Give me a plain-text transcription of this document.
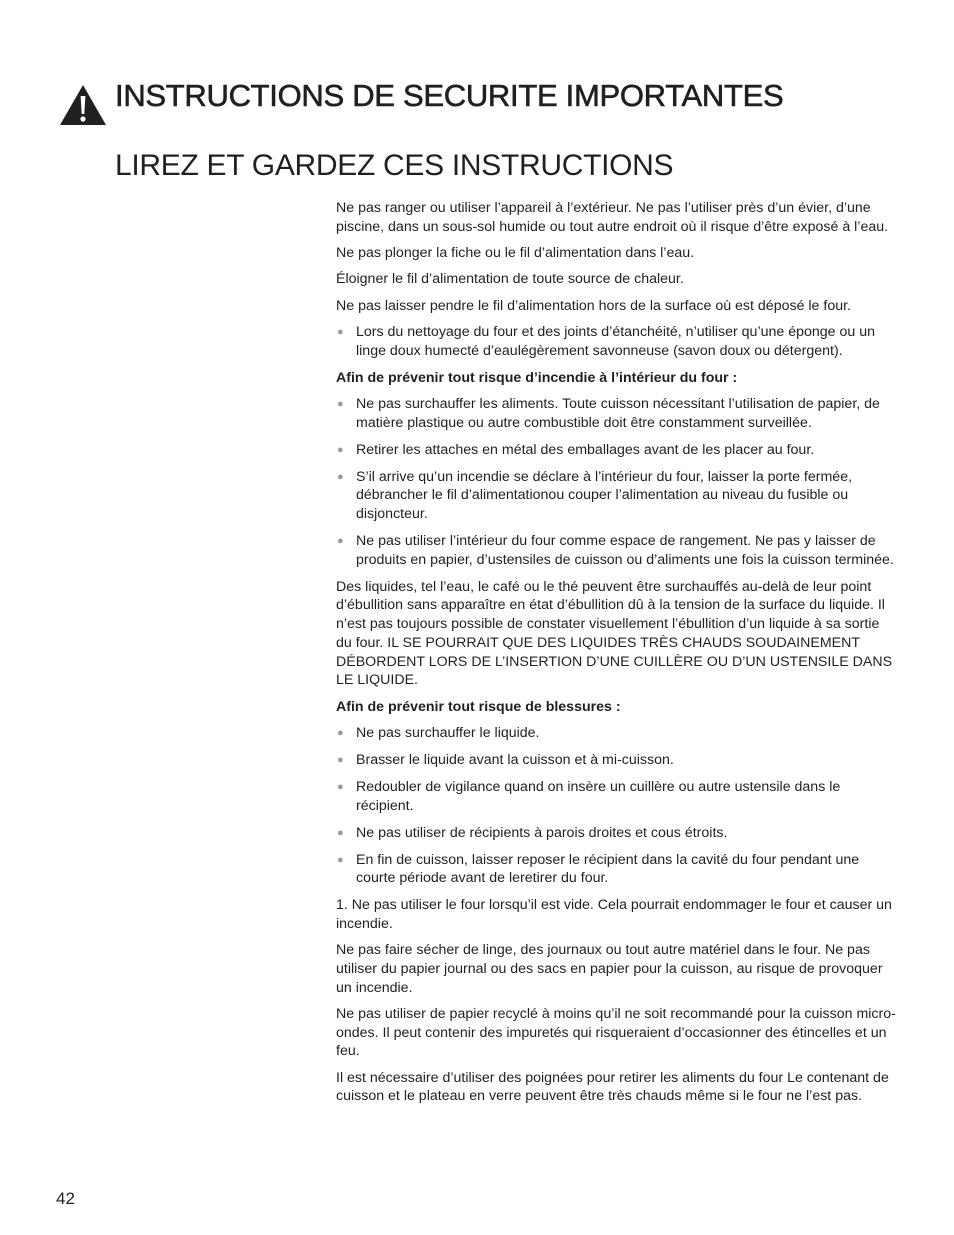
INSTRUCTIONS DE SECURITE IMPORTANTES
LIREZ ET GARDEZ CES INSTRUCTIONS

Ne pas ranger ou utiliser l’appareil à l’extérieur. Ne pas l’utiliser près d’un évier, d’une piscine, dans un sous-sol humide ou tout autre endroit où il risque d’être exposé à l’eau.

Ne pas plonger la fiche ou le fil d’alimentation dans l’eau.

Éloigner le fil d’alimentation de toute source de chaleur.

Ne pas laisser pendre le fil d’alimentation hors de la surface où est déposé le four.

● Lors du nettoyage du four et des joints d’étanchéité, n’utiliser qu’une éponge ou un linge doux humecté d’eaulégèrement savonneuse (savon doux ou détergent).

Afin de prévenir tout risque d’incendie à l’intérieur du four :

● Ne pas surchauffer les aliments. Toute cuisson nécessitant l’utilisation de papier, de matière plastique ou autre combustible doit être constamment surveillée.
● Retirer les attaches en métal des emballages avant de les placer au four.
● S’il arrive qu’un incendie se déclare à l’intérieur du four, laisser la porte fermée, débrancher le fil d’alimentationou couper l’alimentation au niveau du fusible ou disjoncteur.
● Ne pas utiliser l’intérieur du four comme espace de rangement. Ne pas y laisser de produits en papier, d’ustensiles de cuisson ou d’aliments une fois la cuisson terminée.

Des liquides, tel l’eau, le café ou le thé peuvent être surchauffés au-delà de leur point d’ébullition sans apparaître en état d’ébullition dû à la tension de la surface du liquide. Il n’est pas toujours possible de constater visuellement l’ébullition d’un liquide à sa sortie du four. IL SE POURRAIT QUE DES LIQUIDES TRÈS CHAUDS SOUDAINEMENT DÉBORDENT LORS DE L’INSERTION D’UNE CUILLÈRE OU D’UN USTENSILE DANS LE LIQUIDE.

Afin de prévenir tout risque de blessures :

● Ne pas surchauffer le liquide.
● Brasser le liquide avant la cuisson et à mi-cuisson.
● Redoubler de vigilance quand on insère un cuillère ou autre ustensile dans le récipient.
● Ne pas utiliser de récipients à parois droites et cous étroits.
● En fin de cuisson, laisser reposer le récipient dans la cavité du four pendant une courte période avant de leretirer du four.

1. Ne pas utiliser le four lorsqu’il est vide. Cela pourrait endommager le four et causer un incendie.

Ne pas faire sécher de linge, des journaux ou tout autre matériel dans le four. Ne pas utiliser du papier journal ou des sacs en papier pour la cuisson, au risque de provoquer un incendie.

Ne pas utiliser de papier recyclé à moins qu’il ne soit recommandé pour la cuisson micro-ondes. Il peut contenir des impuretés qui risqueraient d’occasionner des étincelles et un feu.

Il est nécessaire d’utiliser des poignées pour retirer les aliments du four Le contenant de cuisson et le plateau en verre peuvent être très chauds même si le four ne l’est pas.

42
